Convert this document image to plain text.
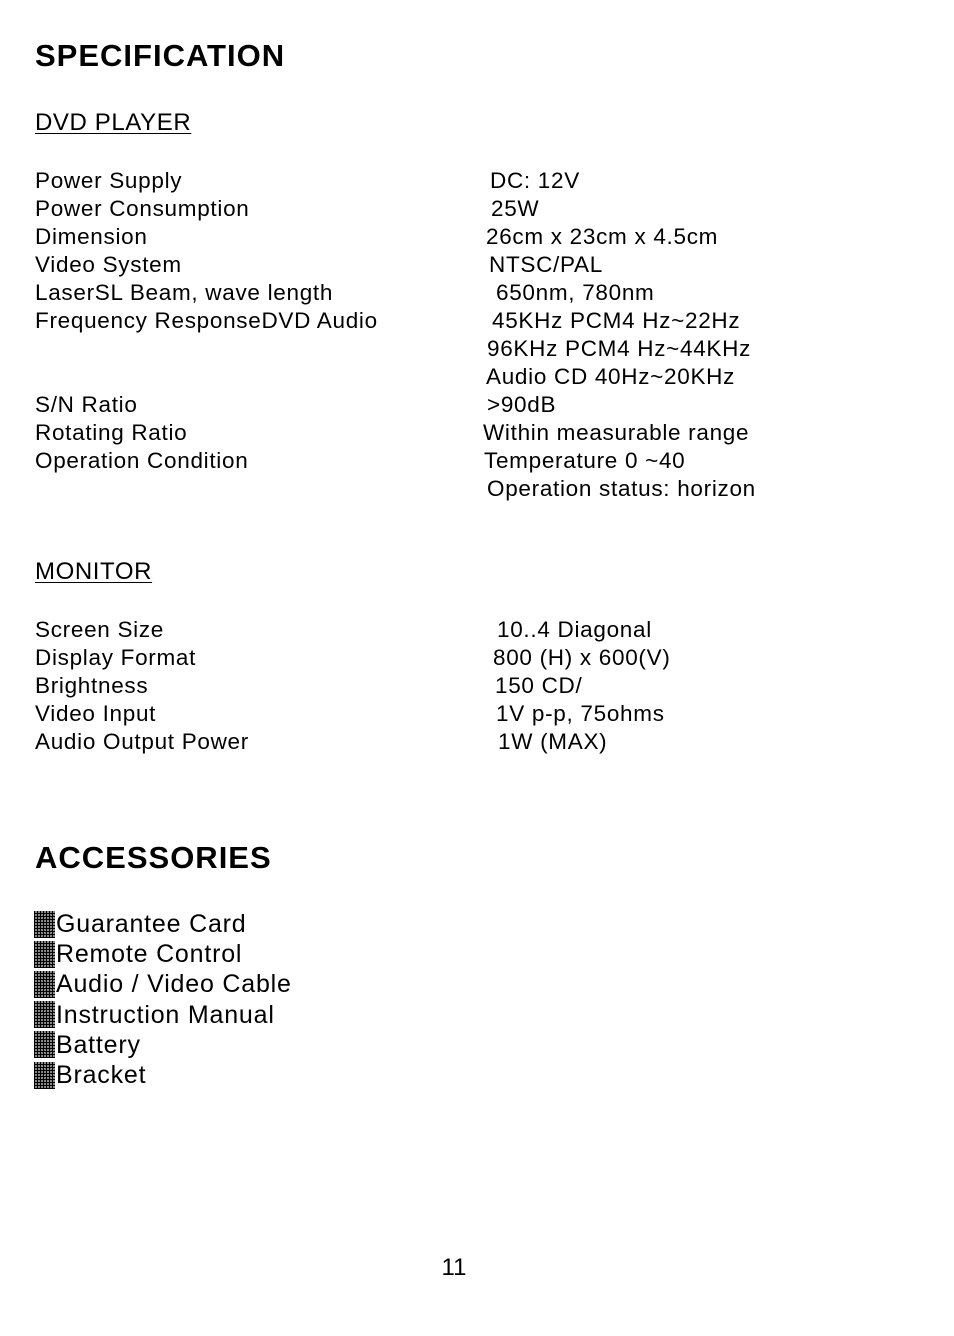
SPECIFICATION
DVD PLAYER
Power Supply	DC: 12V
Power Consumption	25W
Dimension	26cm x 23cm x 4.5cm
Video System	NTSC/PAL
LaserSL Beam, wave length	650nm, 780nm
Frequency ResponseDVD Audio	45KHz PCM4 Hz~22Hz
96KHz PCM4 Hz~44KHz
Audio CD 40Hz~20KHz
S/N Ratio	>90dB
Rotating Ratio	Within measurable range
Operation Condition	Temperature 0 ~40
Operation status: horizon
MONITOR
Screen Size	10..4 Diagonal
Display Format	800 (H) x 600(V)
Brightness	150 CD/
Video Input	1V p-p, 75ohms
Audio Output Power	1W (MAX)
ACCESSORIES
Guarantee Card
Remote Control
Audio / Video Cable
Instruction Manual
Battery
Bracket
11
